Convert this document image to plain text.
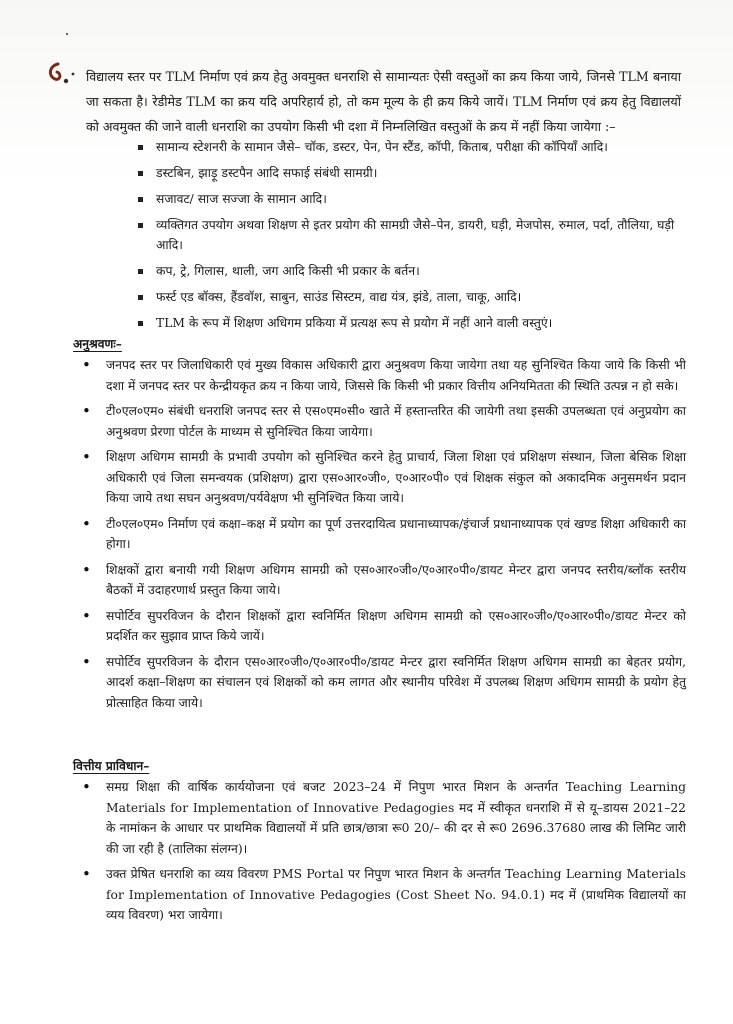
विद्यालय स्तर पर TLM निर्माण एवं क्रय हेतु अवमुक्त धनराशि से सामान्यतः ऐसी वस्तुओं का क्रय किया जाये, जिनसे TLM बनाया जा सकता है। रेडीमेड TLM का क्रय यदि अपरिहार्य हो, तो कम मूल्य के ही क्रय किये जायें। TLM निर्माण एवं क्रय हेतु विद्यालयों को अवमुक्त की जाने वाली धनराशि का उपयोग किसी भी दशा में निम्नलिखित वस्तुओं के क्रय में नहीं किया जायेगा :–

सामान्य स्टेशनरी के सामान जैसे– चॉक, डस्टर, पेन, पेन स्टैंड, कॉपी, किताब, परीक्षा की कॉपियाँ आदि।
डस्टबिन, झाड़ू डस्टपैन आदि सफाई संबंधी सामग्री।
सजावट/ साज सज्जा के सामान आदि।
व्यक्तिगत उपयोग अथवा शिक्षण से इतर प्रयोग की सामग्री जैसे–पेन, डायरी, घड़ी, मेजपोस, रुमाल, पर्दा, तौलिया, घड़ी आदि।
कप, ट्रे, गिलास, थाली, जग आदि किसी भी प्रकार के बर्तन।
फर्स्ट एड बॉक्स, हैंडवॉश, साबुन, साउंड सिस्टम, वाद्य यंत्र, झंडे, ताला, चाकू, आदि।
TLM के रूप में शिक्षण अधिगम प्रकिया में प्रत्यक्ष रूप से प्रयोग में नहीं आने वाली वस्तुएं।
अनुश्रवणः–
• जनपद स्तर पर जिलाधिकारी एवं मुख्य विकास अधिकारी द्वारा अनुश्रवण किया जायेगा तथा यह सुनिश्चित किया जाये कि किसी भी दशा में जनपद स्तर पर केन्द्रीयकृत क्रय न किया जाये, जिससे कि किसी भी प्रकार वित्तीय अनियमितता की स्थिति उत्पन्न न हो सके।
• टी०एल०एम० संबंधी धनराशि जनपद स्तर से एस०एम०सी० खाते में हस्तान्तरित की जायेगी तथा इसकी उपलब्धता एवं अनुप्रयोग का अनुश्रवण प्रेरणा पोर्टल के माध्यम से सुनिश्चित किया जायेगा।
• शिक्षण अधिगम सामग्री के प्रभावी उपयोग को सुनिश्चित करने हेतु प्राचार्य, जिला शिक्षा एवं प्रशिक्षण संस्थान, जिला बेसिक शिक्षा अधिकारी एवं जिला समन्वयक (प्रशिक्षण) द्वारा एस०आर०जी०, ए०आर०पी० एवं शिक्षक संकुल को अकादमिक अनुसमर्थन प्रदान किया जाये तथा सघन अनुश्रवण/पर्यवेक्षण भी सुनिश्चित किया जाये।
• टी०एल०एम० निर्माण एवं कक्षा–कक्ष में प्रयोग का पूर्ण उत्तरदायित्व प्रधानाध्यापक/इंचार्ज प्रधानाध्यापक एवं खण्ड शिक्षा अधिकारी का होगा।
• शिक्षकों द्वारा बनायी गयी शिक्षण अधिगम सामग्री को एस०आर०जी०/ए०आर०पी०/डायट मेन्टर द्वारा जनपद स्तरीय/ब्लॉक स्तरीय बैठकों में उदाहरणार्थ प्रस्तुत किया जाये।
• सपोर्टिव सुपरविजन के दौरान शिक्षकों द्वारा स्वनिर्मित शिक्षण अधिगम सामग्री को एस०आर०जी०/ए०आर०पी०/डायट मेन्टर को प्रदर्शित कर सुझाव प्राप्त किये जायें।
• सपोर्टिव सुपरविजन के दौरान एस०आर०जी०/ए०आर०पी०/डायट मेन्टर द्वारा स्वनिर्मित शिक्षण अधिगम सामग्री का बेहतर प्रयोग, आदर्श कक्षा–शिक्षण का संचालन एवं शिक्षकों को कम लागत और स्थानीय परिवेश में उपलब्ध शिक्षण अधिगम सामग्री के प्रयोग हेतु प्रोत्साहित किया जाये।
वित्तीय प्राविधान–
• समग्र शिक्षा की वार्षिक कार्ययोजना एवं बजट 2023–24 में निपुण भारत मिशन के अन्तर्गत Teaching Learning Materials for Implementation of Innovative Pedagogies मद में स्वीकृत धनराशि में से यू–डायस 2021–22 के नामांकन के आधार पर प्राथमिक विद्यालयों में प्रति छात्र/छात्रा रू0 20/– की दर से रू0 2696.37680 लाख की लिमिट जारी की जा रही है (तालिका संलग्न)।
• उक्त प्रेषित धनराशि का व्यय विवरण PMS Portal पर निपुण भारत मिशन के अन्तर्गत Teaching Learning Materials for Implementation of Innovative Pedagogies (Cost Sheet No. 94.0.1) मद में (प्राथमिक विद्यालयों का व्यय विवरण) भरा जायेगा।
